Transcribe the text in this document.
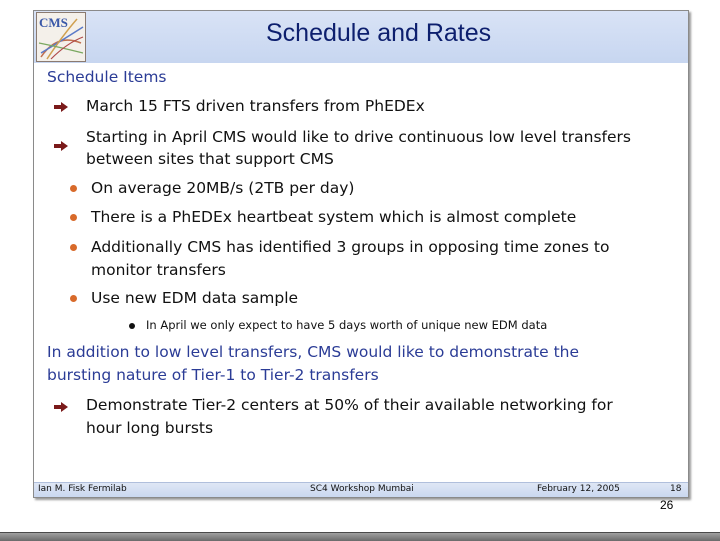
CMS	Schedule and Rates
Schedule Items
March 15 FTS driven transfers from PhEDEx
Starting in April CMS would like to drive continuous low level transfers
between sites that support CMS
On average 20MB/s (2TB per day)
There is a PhEDEx heartbeat system which is almost complete
Additionally CMS has identified 3 groups in opposing time zones to
monitor transfers
Use new EDM data sample
In April we only expect to have 5 days worth of unique new EDM data
In addition to low level transfers, CMS would like to demonstrate the
bursting nature of Tier-1 to Tier-2 transfers
Demonstrate Tier-2 centers at 50% of their available networking for
hour long bursts
Ian M. Fisk Fermilab	SC4 Workshop Mumbai	February 12, 2005	18
26
